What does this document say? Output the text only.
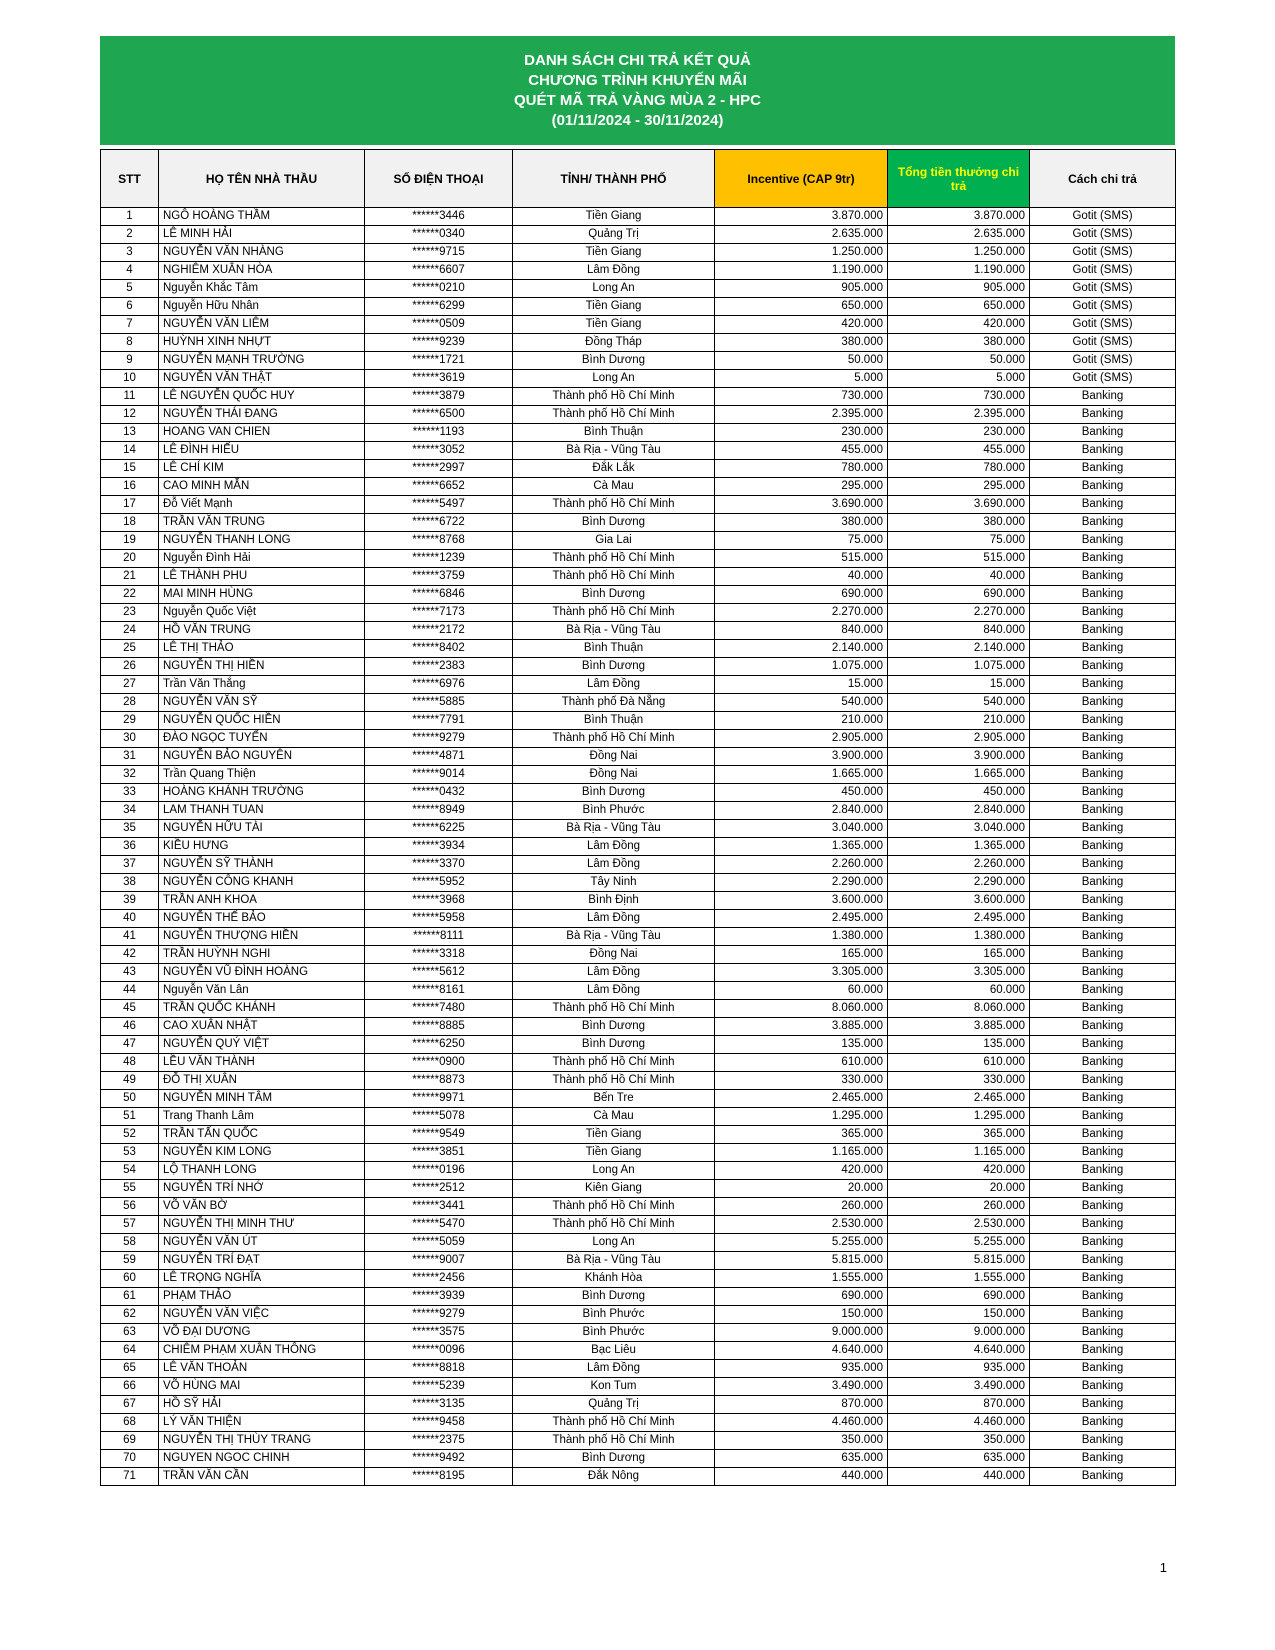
DANH SÁCH CHI TRẢ KẾT QUẢ
CHƯƠNG TRÌNH KHUYẾN MÃI
QUÉT MÃ TRẢ VÀNG MÙA 2 - HPC
(01/11/2024 - 30/11/2024)
STT	HỌ TÊN NHÀ THẦU	SỐ ĐIỆN THOẠI	TỈNH/ THÀNH PHỐ	Incentive (CAP 9tr)	Tổng tiền thưởng chi trả	Cách chi trả
1	NGÔ HOÀNG THẦM	******3446	Tiền Giang	3.870.000	3.870.000	Gotit (SMS)
2	LÊ MINH HẢI	******0340	Quảng Trị	2.635.000	2.635.000	Gotit (SMS)
3	NGUYỄN VĂN NHÀNG	******9715	Tiền Giang	1.250.000	1.250.000	Gotit (SMS)
4	NGHIÊM XUÂN HÒA	******6607	Lâm Đồng	1.190.000	1.190.000	Gotit (SMS)
5	Nguyễn Khắc Tâm	******0210	Long An	905.000	905.000	Gotit (SMS)
6	Nguyễn Hữu Nhân	******6299	Tiền Giang	650.000	650.000	Gotit (SMS)
7	NGUYỄN VĂN LIÊM	******0509	Tiền Giang	420.000	420.000	Gotit (SMS)
8	HUỲNH XINH NHỰT	******9239	Đồng Tháp	380.000	380.000	Gotit (SMS)
9	NGUYỄN MẠNH TRƯỜNG	******1721	Bình Dương	50.000	50.000	Gotit (SMS)
10	NGUYỄN VĂN THẬT	******3619	Long An	5.000	5.000	Gotit (SMS)
11	LÊ NGUYỄN QUỐC HUY	******3879	Thành phố Hồ Chí Minh	730.000	730.000	Banking
12	NGUYỄN THÁI ĐANG	******6500	Thành phố Hồ Chí Minh	2.395.000	2.395.000	Banking
13	HOANG VAN CHIEN	******1193	Bình Thuận	230.000	230.000	Banking
14	LÊ ĐÌNH HIẾU	******3052	Bà Rịa - Vũng Tàu	455.000	455.000	Banking
15	LÊ CHÍ KIM	******2997	Đắk Lắk	780.000	780.000	Banking
16	CAO MINH MẪN	******6652	Cà Mau	295.000	295.000	Banking
17	Đỗ Viết Mạnh	******5497	Thành phố Hồ Chí Minh	3.690.000	3.690.000	Banking
18	TRẦN VĂN TRUNG	******6722	Bình Dương	380.000	380.000	Banking
19	NGUYỄN THANH LONG	******8768	Gia Lai	75.000	75.000	Banking
20	Nguyễn Đình Hải	******1239	Thành phố Hồ Chí Minh	515.000	515.000	Banking
21	LÊ THÀNH PHU	******3759	Thành phố Hồ Chí Minh	40.000	40.000	Banking
22	MAI MINH HÙNG	******6846	Bình Dương	690.000	690.000	Banking
23	Nguyễn Quốc Việt	******7173	Thành phố Hồ Chí Minh	2.270.000	2.270.000	Banking
24	HỒ VĂN TRUNG	******2172	Bà Rịa - Vũng Tàu	840.000	840.000	Banking
25	LÊ THỊ THẢO	******8402	Bình Thuận	2.140.000	2.140.000	Banking
26	NGUYỄN THỊ HIỀN	******2383	Bình Dương	1.075.000	1.075.000	Banking
27	Trần Văn Thắng	******6976	Lâm Đồng	15.000	15.000	Banking
28	NGUYỄN VĂN SỸ	******5885	Thành phố Đà Nẵng	540.000	540.000	Banking
29	NGUYỄN QUỐC HIỀN	******7791	Bình Thuận	210.000	210.000	Banking
30	ĐÀO NGỌC TUYỂN	******9279	Thành phố Hồ Chí Minh	2.905.000	2.905.000	Banking
31	NGUYỄN BẢO NGUYÊN	******4871	Đồng Nai	3.900.000	3.900.000	Banking
32	Trần Quang Thiện	******9014	Đồng Nai	1.665.000	1.665.000	Banking
33	HOÀNG KHÁNH TRƯỜNG	******0432	Bình Dương	450.000	450.000	Banking
34	LAM THANH TUAN	******8949	Bình Phước	2.840.000	2.840.000	Banking
35	NGUYỄN HỮU TÀI	******6225	Bà Rịa - Vũng Tàu	3.040.000	3.040.000	Banking
36	KIỀU HƯNG	******3934	Lâm Đồng	1.365.000	1.365.000	Banking
37	NGUYỄN SỸ THÀNH	******3370	Lâm Đồng	2.260.000	2.260.000	Banking
38	NGUYỄN CÔNG KHANH	******5952	Tây Ninh	2.290.000	2.290.000	Banking
39	TRẦN ANH KHOA	******3968	Bình Định	3.600.000	3.600.000	Banking
40	NGUYỄN THẾ BẢO	******5958	Lâm Đồng	2.495.000	2.495.000	Banking
41	NGUYỄN THƯỢNG HIỀN	******8111	Bà Rịa - Vũng Tàu	1.380.000	1.380.000	Banking
42	TRẦN HUỲNH NGHI	******3318	Đồng Nai	165.000	165.000	Banking
43	NGUYỄN VŨ ĐÌNH HOÀNG	******5612	Lâm Đồng	3.305.000	3.305.000	Banking
44	Nguyễn Văn Lân	******8161	Lâm Đồng	60.000	60.000	Banking
45	TRẦN QUỐC KHÁNH	******7480	Thành phố Hồ Chí Minh	8.060.000	8.060.000	Banking
46	CAO XUÂN NHẬT	******8885	Bình Dương	3.885.000	3.885.000	Banking
47	NGUYỄN QUÝ VIỆT	******6250	Bình Dương	135.000	135.000	Banking
48	LỀU VĂN THÀNH	******0900	Thành phố Hồ Chí Minh	610.000	610.000	Banking
49	ĐỖ THỊ XUÂN	******8873	Thành phố Hồ Chí Minh	330.000	330.000	Banking
50	NGUYỄN MINH TÂM	******9971	Bến Tre	2.465.000	2.465.000	Banking
51	Trang Thanh Lâm	******5078	Cà Mau	1.295.000	1.295.000	Banking
52	TRẦN TẤN QUỐC	******9549	Tiền Giang	365.000	365.000	Banking
53	NGUYỄN KIM LONG	******3851	Tiền Giang	1.165.000	1.165.000	Banking
54	LỘ THANH LONG	******0196	Long An	420.000	420.000	Banking
55	NGUYỄN TRÍ NHỚ	******2512	Kiên Giang	20.000	20.000	Banking
56	VÕ VĂN BỜ	******3441	Thành phố Hồ Chí Minh	260.000	260.000	Banking
57	NGUYỄN THỊ MINH THƯ	******5470	Thành phố Hồ Chí Minh	2.530.000	2.530.000	Banking
58	NGUYỄN VĂN ÚT	******5059	Long An	5.255.000	5.255.000	Banking
59	NGUYỄN TRÍ ĐẠT	******9007	Bà Rịa - Vũng Tàu	5.815.000	5.815.000	Banking
60	LÊ TRỌNG NGHĨA	******2456	Khánh Hòa	1.555.000	1.555.000	Banking
61	PHẠM THẢO	******3939	Bình Dương	690.000	690.000	Banking
62	NGUYỄN VĂN VIỆC	******9279	Bình Phước	150.000	150.000	Banking
63	VÕ ĐẠI DƯƠNG	******3575	Bình Phước	9.000.000	9.000.000	Banking
64	CHIÊM PHẠM XUÂN THÔNG	******0096	Bạc Liêu	4.640.000	4.640.000	Banking
65	LÊ VĂN THOẢN	******8818	Lâm Đồng	935.000	935.000	Banking
66	VÕ HÙNG MAI	******5239	Kon Tum	3.490.000	3.490.000	Banking
67	HỒ SỸ HẢI	******3135	Quảng Trị	870.000	870.000	Banking
68	LÝ VĂN THIỆN	******9458	Thành phố Hồ Chí Minh	4.460.000	4.460.000	Banking
69	NGUYỄN THỊ THÙY TRANG	******2375	Thành phố Hồ Chí Minh	350.000	350.000	Banking
70	NGUYEN NGOC CHINH	******9492	Bình Dương	635.000	635.000	Banking
71	TRẦN VĂN CẦN	******8195	Đắk Nông	440.000	440.000	Banking
1
